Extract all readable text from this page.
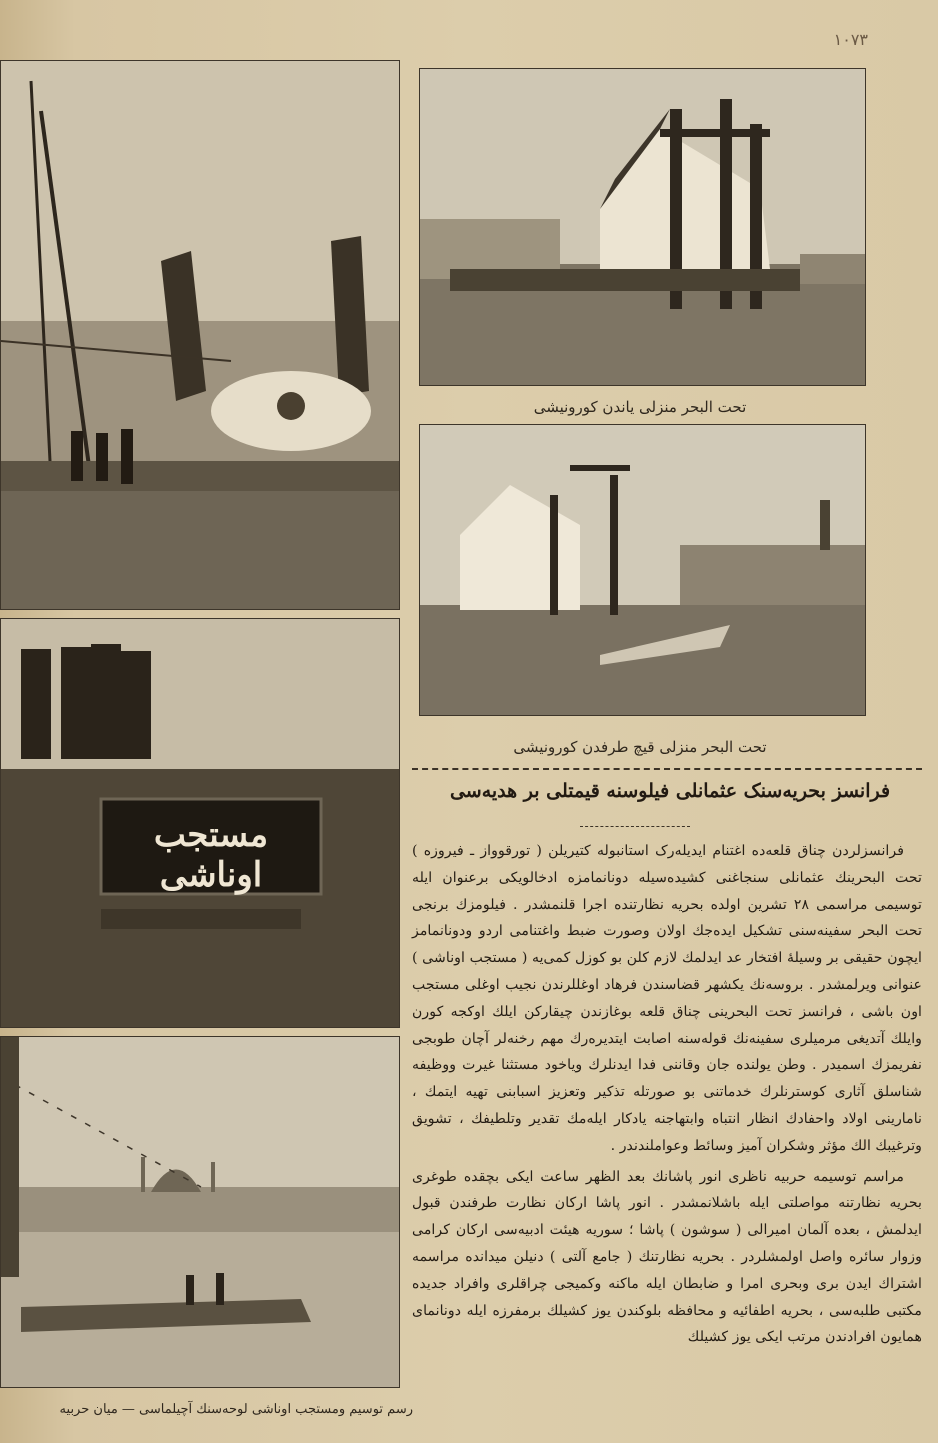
١٠٧٣
مستجب اوناشی
رسم توسیم ومستجب اوناشی لوحه‌سنك آچیلماسی — میان حربیه
تحت البحر منزلی یاندن کورونیشی
تحت البحر منزلی قیچ طرفدن کورونیشی
فرانسز بحریه‌سنک عثمانلی فیلوسنه قیمتلی بر هدیه‌سی

فرانسزلردن چناق قلعه‌ده اغتنام ایدیله‌رک استانبوله کتیریلن ( تورقوواز ـ فیروزه ) تحت البحرینك عثمانلی سنجاغنی کشیده‌سیله دونانمامزه ادخالویکی برعنوان ایله توسیمی مراسمی ۲۸ تشرین اولده بحریه نظارتنده اجرا قلنمشدر . فیلومزك برنجی تحت البحر سفینه‌سنی تشکیل ایده‌جك اولان وصورت ضبط واغتنامی اردو ودونانمامز ایچون حقیقی بر وسیلهٔ افتخار عد ایدلمك لازم کلن بو کوزل کمی‌یه ( مستجب اوناشی ) عنوانی ویرلمشدر . بروسه‌نك یکشهر قضاسندن فرهاد اوغللرندن نجیب اوغلی مستجب اون باشی ، فرانسز تحت البحرینی چناق قلعه بوغازندن چیقارکن ایلك اوکجه کورن وایلك آتدیغی مرمیلری سفینه‌نك قوله‌سنه اصابت ایتدیره‌رك مهم رخنه‌لر آچان طوبجی نفریمزك اسمیدر . وطن یولنده جان وقاننی فدا ایدنلرك ویاخود مستثنا غیرت ووظیفه شناسلق آثاری کوسترنلرك خدماتنی بو صورتله تذکیر وتعزیز اسبابنی تهیه ایتمك ، نامارینی اولاد واحفادك انظار انتباه وابتهاجنه یادکار ایله‌مك تقدیر وتلطیفك ، تشویق وترغیبك الك مؤثر وشکران آمیز وسائط وعواملندندر .

مراسم توسیمه حربیه ناظری انور پاشانك بعد الظهر ساعت ایکی بچقده طوغری بحریه نظارتنه مواصلتی ایله باشلانمشدر . انور پاشا ارکان نظارت طرفندن قبول ایدلمش ، بعده آلمان امیرالی ( سوشون ) پاشا ؛ سوریه هیئت ادبیه‌سی ارکان کرامی وزوار سائره واصل اولمشلردر . بحریه نظارتنك ( جامع آلتی ) دنیلن میدانده مراسمه اشتراك ایدن بری وبحری امرا و ضابطان ایله ماکنه وکمیجی چراقلری وافراد جدیده مکتبی طلبه‌سی ، بحریه اطفائیه و محافظه بلوکندن یوز کشیلك برمفرزه ایله دونانمای همایون افرادندن مرتب ایکی یوز کشیلك
